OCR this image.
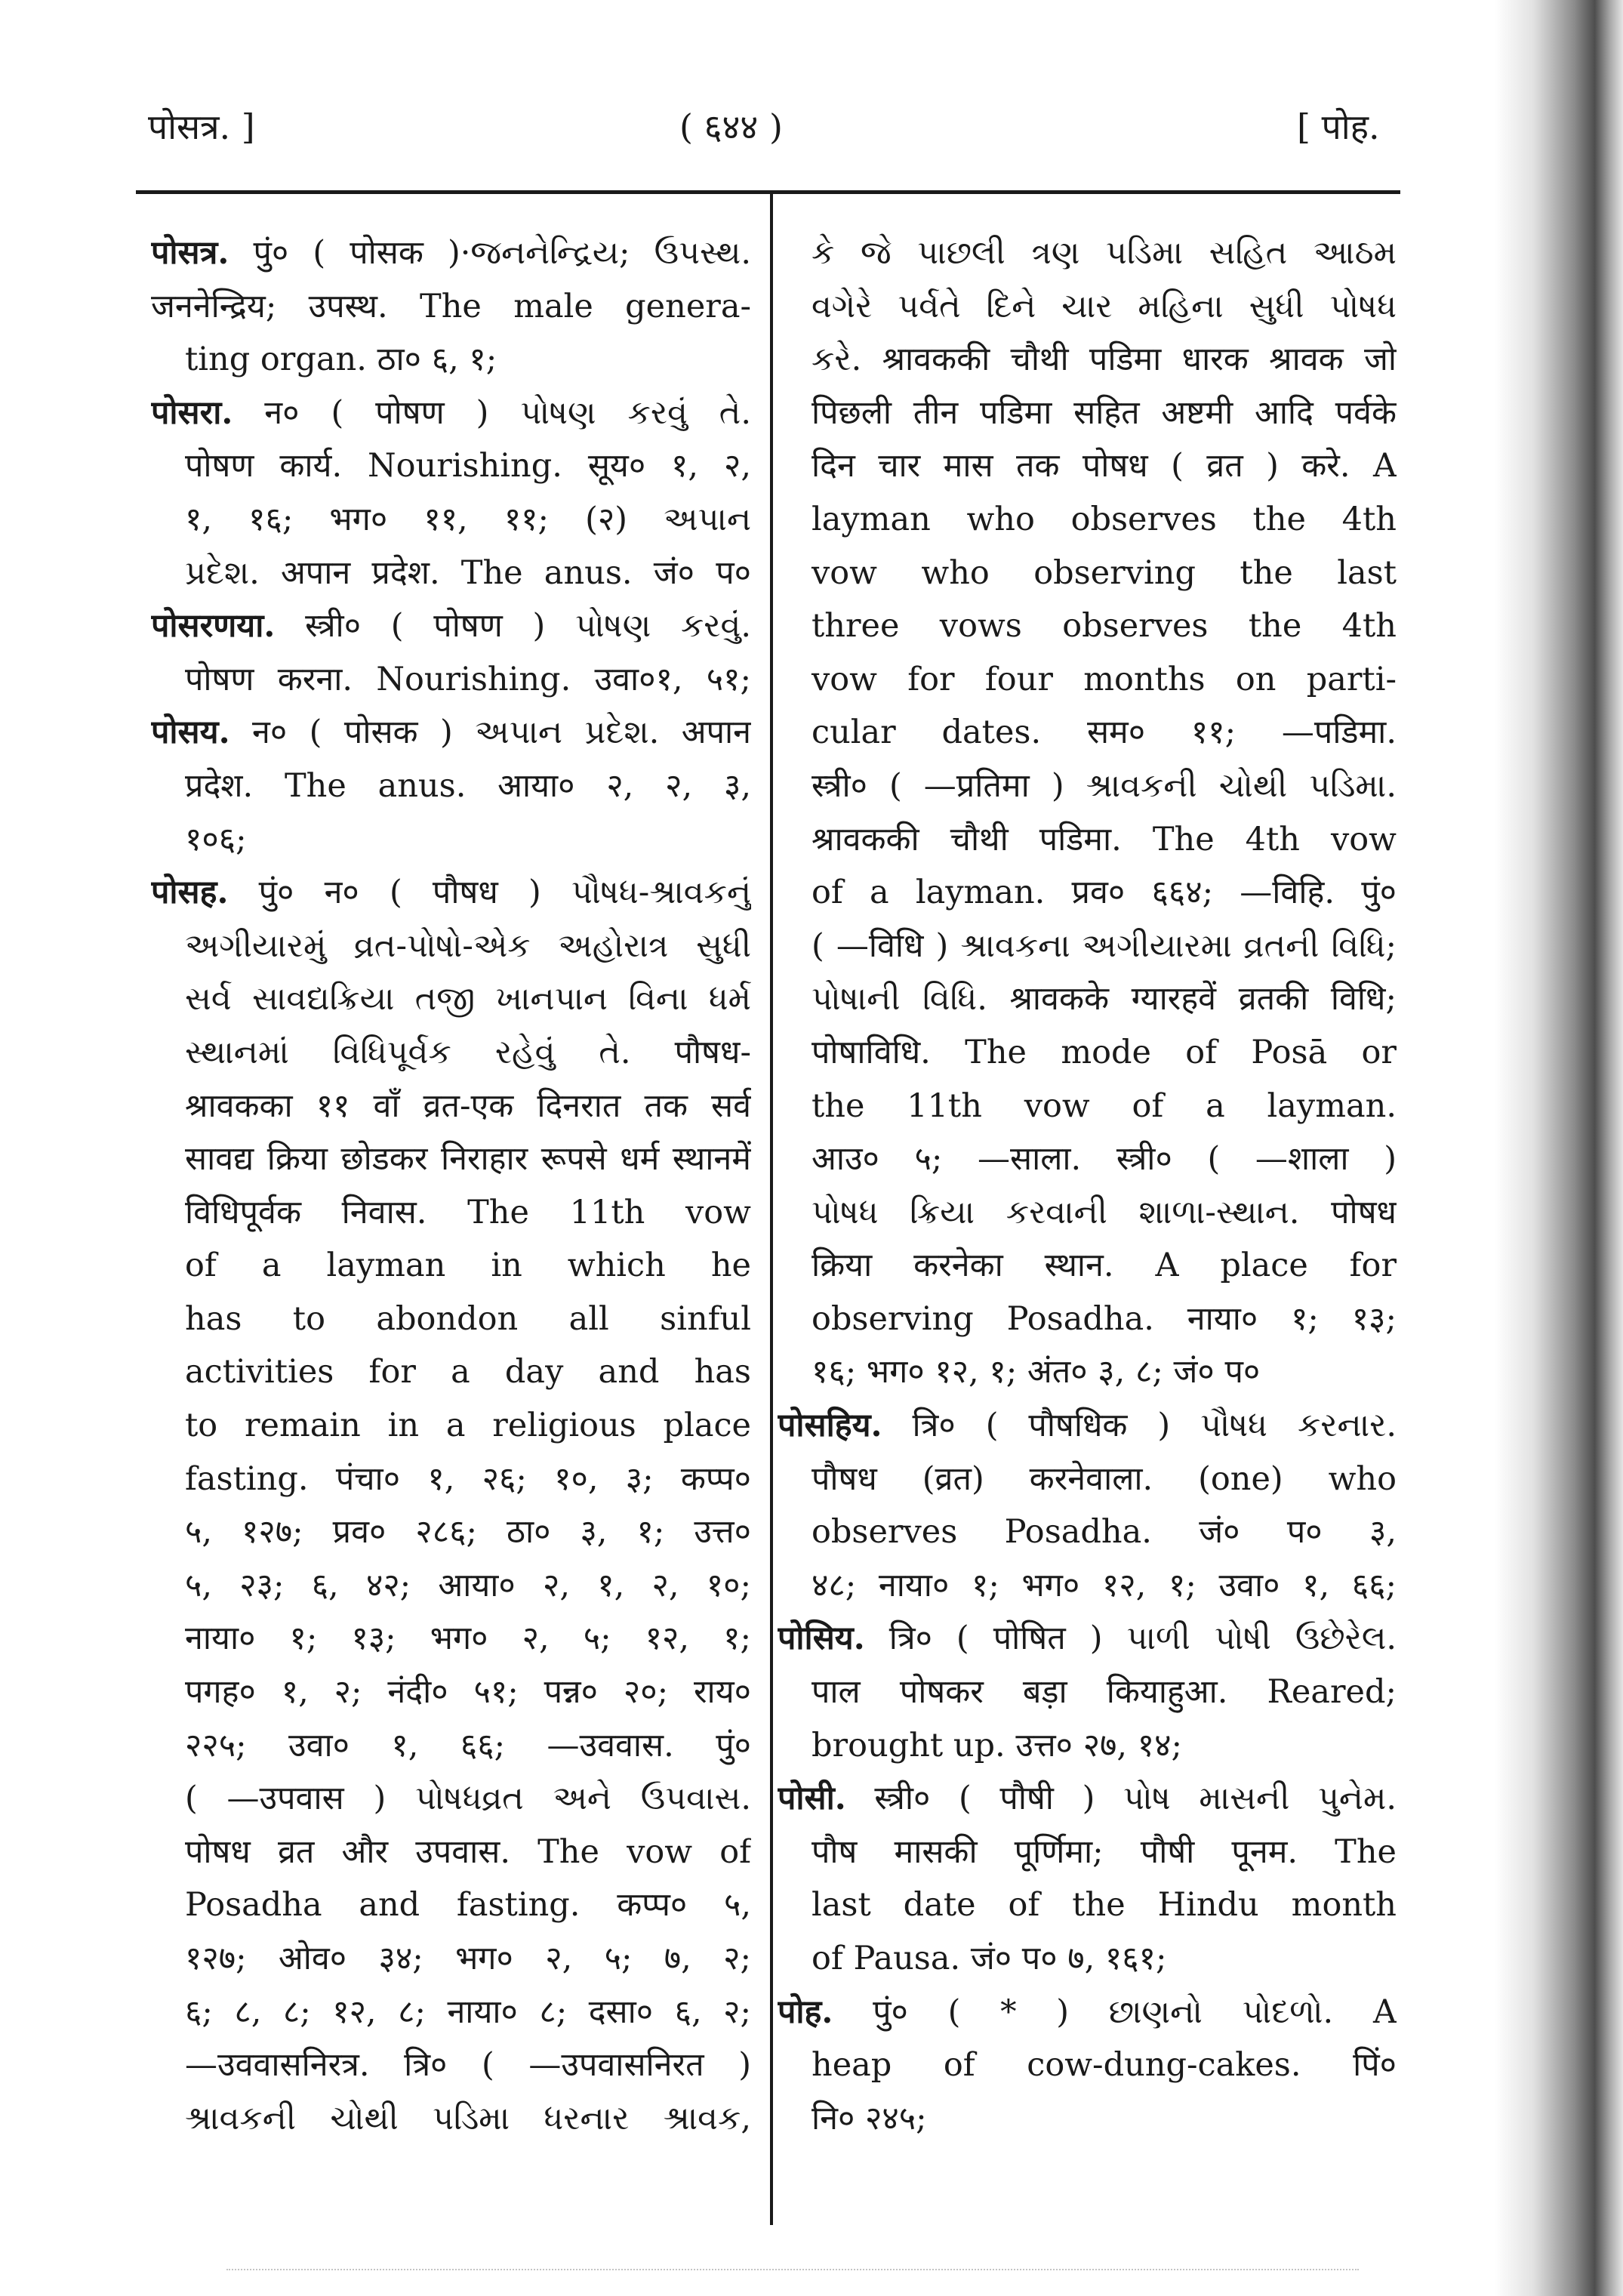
पोसत्र. ]	( ६४४ )	[ पोह.
पोसत्र. पुं० ( पोसक )·જનનેન્દ્રિય; ઉપસ્થ.
जननेन्द्रिय; उपस्थ. The male genera-
ting organ. ठा० ६, १;
पोसरा. न० ( पोषण ) પોષણ કરવું તે.
पोषण कार्य. Nourishing. सूय० १, २,
१, १६; भग० ११, ११; (२) અપાન
પ્રદેશ. अपान प्रदेश. The anus. जं० प०
पोसरणया. स्त्री० ( पोषण ) પોષણ કરવું.
पोषण करना. Nourishing. उवा०१, ५१;
पोसय. न० ( पोसक ) અપાન પ્રદેશ. अपान
प्रदेश. The anus. आया० २, २, ३,
१०६;
पोसह. पुं० न० ( पौषध ) પૌષધ-શ્રાવકનું
અગીયારમું વ્રત-પોષો-એક અહોરાત્ર સુધી
સર્વ સાવદ્યક્રિયા તજી ખાનપાન વિના ધર્મ
સ્થાનમાં વિધિપૂર્વક રહેવું તે. पौषध-
श्रावकका ११ वाँ व्रत-एक दिनरात तक सर्व
सावद्य क्रिया छोडकर निराहार रूपसे धर्म स्थानमें
विधिपूर्वक निवास. The 11th vow
of a layman in which he
has to abondon all sinful
activities for a day and has
to remain in a religious place
fasting. पंचा० १, २६; १०, ३; कप्प०
५, १२७; प्रव० २८६; ठा० ३, १; उत्त०
५, २३; ६, ४२; आया० २, १, २, १०;
नाया० १; १३; भग० २, ५; १२, १;
पगह० १, २; नंदी० ५१; पन्न० २०; राय०
२२५; उवा० १, ६६; —उववास. पुं०
( —उपवास ) પોષધવ્રત અને ઉપવાસ.
पोषध व्रत और उपवास. The vow of
Posadha and fasting. कप्प० ५,
१२७; ओव० ३४; भग० २, ५; ७, २;
६; ८, ८; १२, ८; नाया० ८; दसा० ६, २;
—उववासनिरत्र. त्रि० ( —उपवासनिरत )
શ્રાવકની ચોથી પડિમા ધરનાર શ્રાવક,
કે જે પાછલી ત્રણ પડિમા સહિત આઠમ
વગેરે પર્વતે દિને ચાર મહિના સુધી પોષધ
કરે. श्रावककी चौथी पडिमा धारक श्रावक जो
पिछली तीन पडिमा सहित अष्टमी आदि पर्वके
दिन चार मास तक पोषध ( व्रत ) करे. A
layman who observes the 4th
vow who observing the last
three vows observes the 4th
vow for four months on parti-
cular dates. सम० ११; —पडिमा.
स्त्री० ( —प्रतिमा ) શ્રાવકની ચોથી પડિમા.
श्रावककी चौथी पडिमा. The 4th vow
of a layman. प्रव० ६६४; —विहि. पुं०
( —विधि ) શ્રાવકના અગીયારમા વ્રતની વિધિ;
પોષાની વિધિ. श्रावकके ग्यारहवें व्रतकी विधि;
पोषाविधि. The mode of Posā or
the 11th vow of a layman.
आउ० ५; —साला. स्त्री० ( —शाला )
પોષધ ક્રિયા કરવાની શાળા-સ્થાન. पोषध
क्रिया करनेका स्थान. A place for
observing Posadha. नाया० १; १३;
१६; भग० १२, १; अंत० ३, ८; जं० प०
पोसहिय. त्रि० ( पौषधिक ) પૌષધ કરનાર.
पौषध (व्रत) करनेवाला. (one) who
observes Posadha. जं० प० ३,
४८; नाया० १; भग० १२, १; उवा० १, ६६;
पोसिय. त्रि० ( पोषित ) પાળી પોષી ઉછેરેલ.
पाल पोषकर बड़ा कियाहुआ. Reared;
brought up. उत्त० २७, १४;
पोसी. स्त्री० ( पौषी ) પોષ માસની પુનેમ.
पौष मासकी पूर्णिमा; पौषी पूनम. The
last date of the Hindu month
of Pausa. जं० प० ७, १६१;
पोह. पुं० ( * ) છાણનો પોદળો. A
heap of cow-dung-cakes. पिं०
नि० २४५;
